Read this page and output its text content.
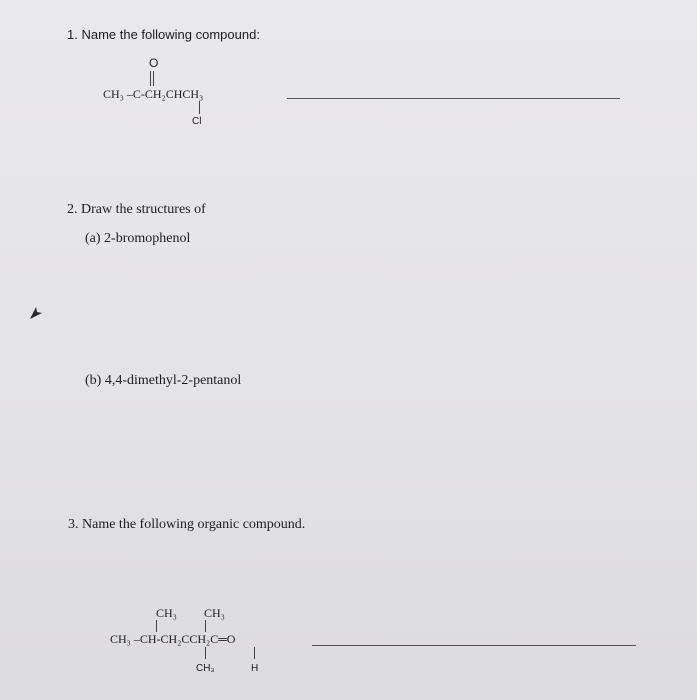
1. Name the following compound:
O
CH₃ –C-CH₂CHCH₃
Cl
2. Draw the structures of
(a) 2-bromophenol
(b) 4,4-dimethyl-2-pentanol
3. Name the following organic compound.
CH₃ CH₃
CH₃ –CH-CH₂CCH₂C═O
CH₃	H
